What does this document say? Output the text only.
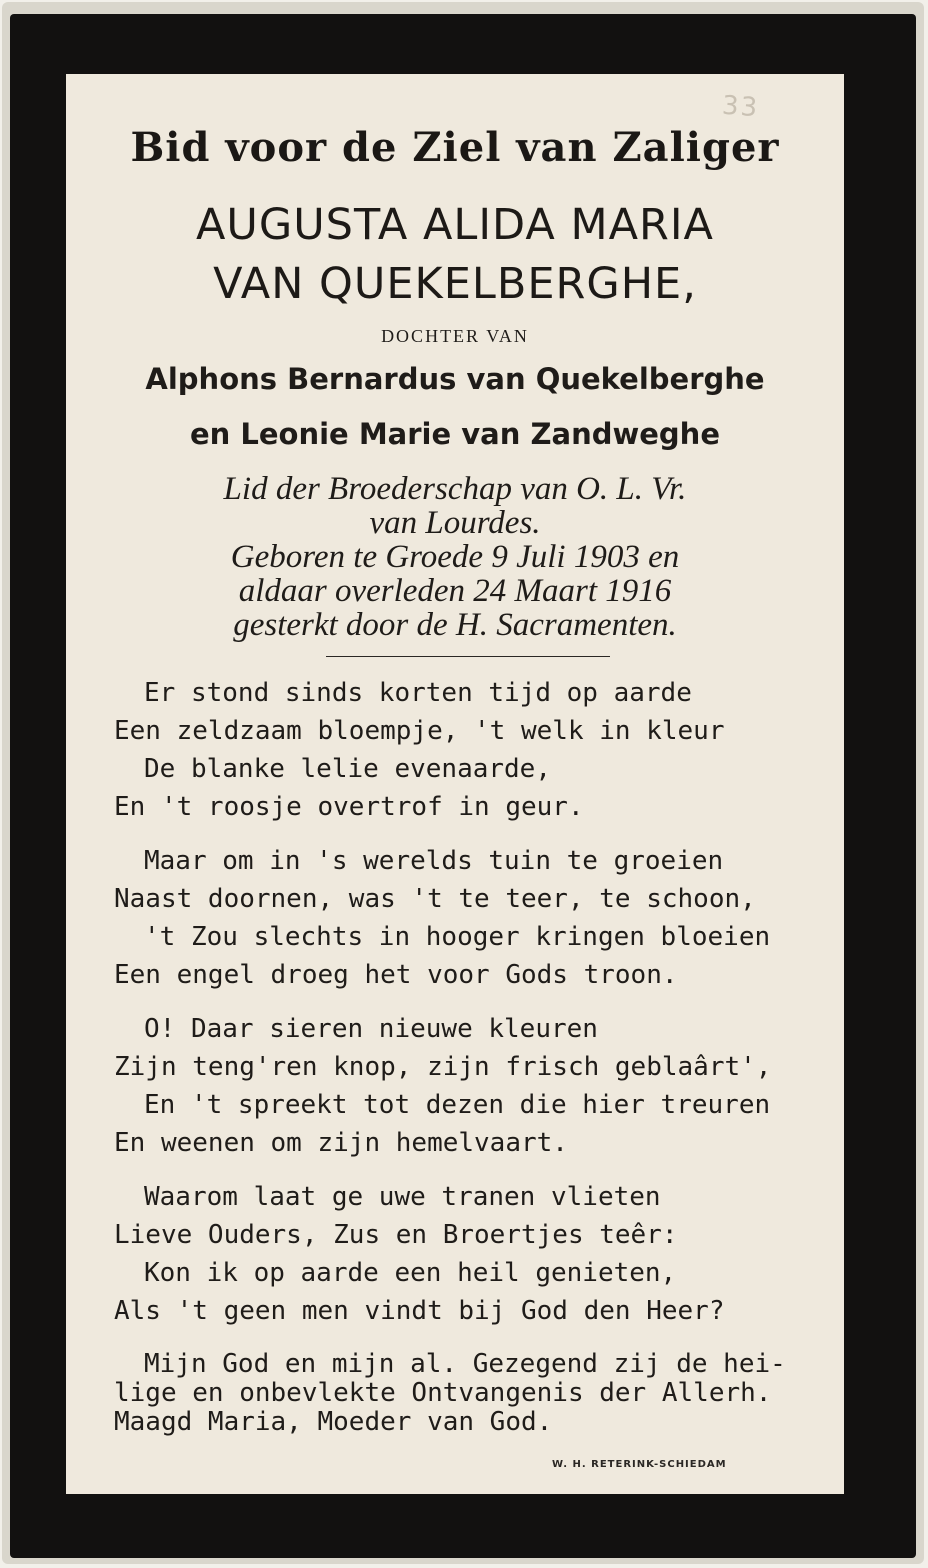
33
Bid voor de Ziel van Zaliger
AUGUSTA ALIDA MARIA
VAN QUEKELBERGHE,
DOCHTER VAN
Alphons Bernardus van Quekelberghe
en Leonie Marie van Zandweghe
Lid der Broederschap van O. L. Vr.
van Lourdes.
Geboren te Groede 9 Juli 1903 en
aldaar overleden 24 Maart 1916
gesterkt door de H. Sacramenten.
Er stond sinds korten tijd op aarde
Een zeldzaam bloempje, 't welk in kleur
De blanke lelie evenaarde,
En 't roosje overtrof in geur.
Maar om in 's werelds tuin te groeien
Naast doornen, was 't te teer, te schoon,
't Zou slechts in hooger kringen bloeien
Een engel droeg het voor Gods troon.
O! Daar sieren nieuwe kleuren
Zijn teng'ren knop, zijn frisch geblaârt',
En 't spreekt tot dezen die hier treuren
En weenen om zijn hemelvaart.
Waarom laat ge uwe tranen vlieten
Lieve Ouders, Zus en Broertjes teêr:
Kon ik op aarde een heil genieten,
Als 't geen men vindt bij God den Heer?
Mijn God en mijn al. Gezegend zij de hei-
lige en onbevlekte Ontvangenis der Allerh.
Maagd Maria, Moeder van God.
W. H. RETERINK-SCHIEDAM
